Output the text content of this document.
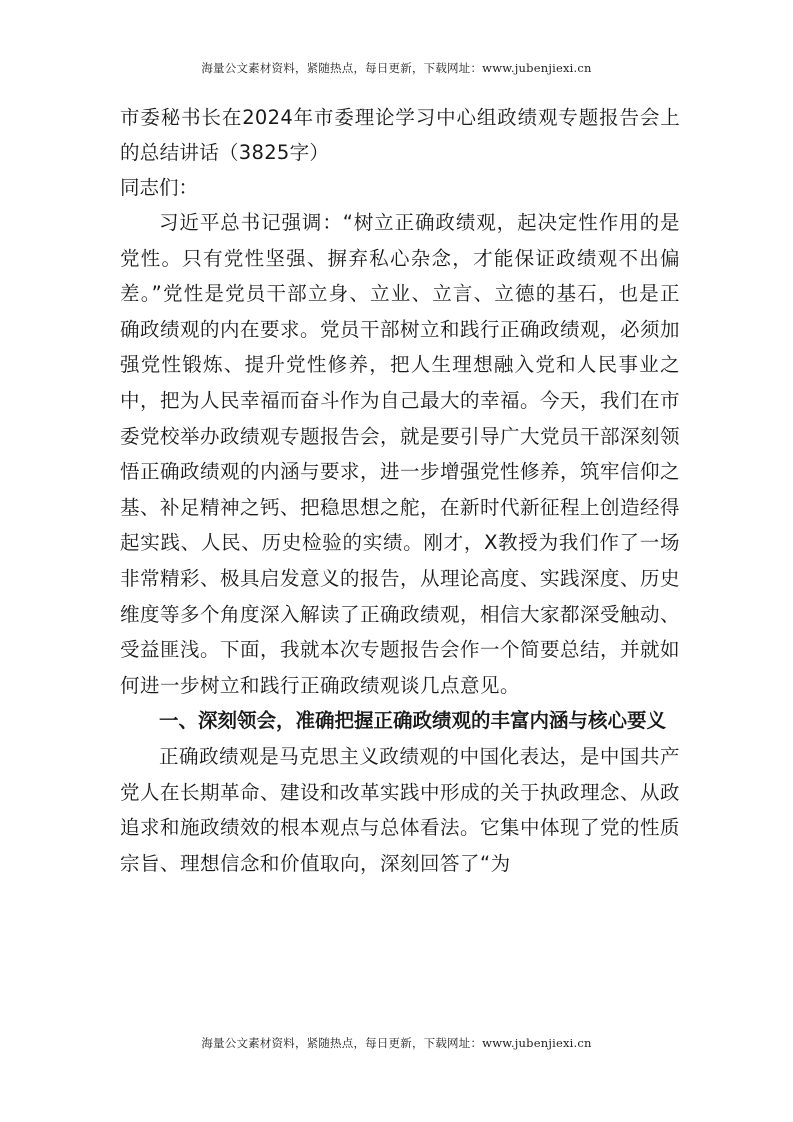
海量公文素材资料，紧随热点，每日更新，下载网址：www.jubenjiexi.cn
市委秘书长在2024年市委理论学习中心组政绩观专题报告会上的总结讲话（3825字）

同志们：

习近平总书记强调：“树立正确政绩观，起决定性作用的是党性。只有党性坚强、摒弃私心杂念，才能保证政绩观不出偏差。”党性是党员干部立身、立业、立言、立德的基石，也是正确政绩观的内在要求。党员干部树立和践行正确政绩观，必须加强党性锻炼、提升党性修养，把人生理想融入党和人民事业之中，把为人民幸福而奋斗作为自己最大的幸福。今天，我们在市委党校举办政绩观专题报告会，就是要引导广大党员干部深刻领悟正确政绩观的内涵与要求，进一步增强党性修养，筑牢信仰之基、补足精神之钙、把稳思想之舵，在新时代新征程上创造经得起实践、人民、历史检验的实绩。刚才，X教授为我们作了一场非常精彩、极具启发意义的报告，从理论高度、实践深度、历史维度等多个角度深入解读了正确政绩观，相信大家都深受触动、受益匪浅。下面，我就本次专题报告会作一个简要总结，并就如何进一步树立和践行正确政绩观谈几点意见。

一、深刻领会，准确把握正确政绩观的丰富内涵与核心要义

正确政绩观是马克思主义政绩观的中国化表达，是中国共产党人在长期革命、建设和改革实践中形成的关于执政理念、从政追求和施政绩效的根本观点与总体看法。它集中体现了党的性质宗旨、理想信念和价值取向，深刻回答了“为

海量公文素材资料，紧随热点，每日更新，下载网址：www.jubenjiexi.cn
